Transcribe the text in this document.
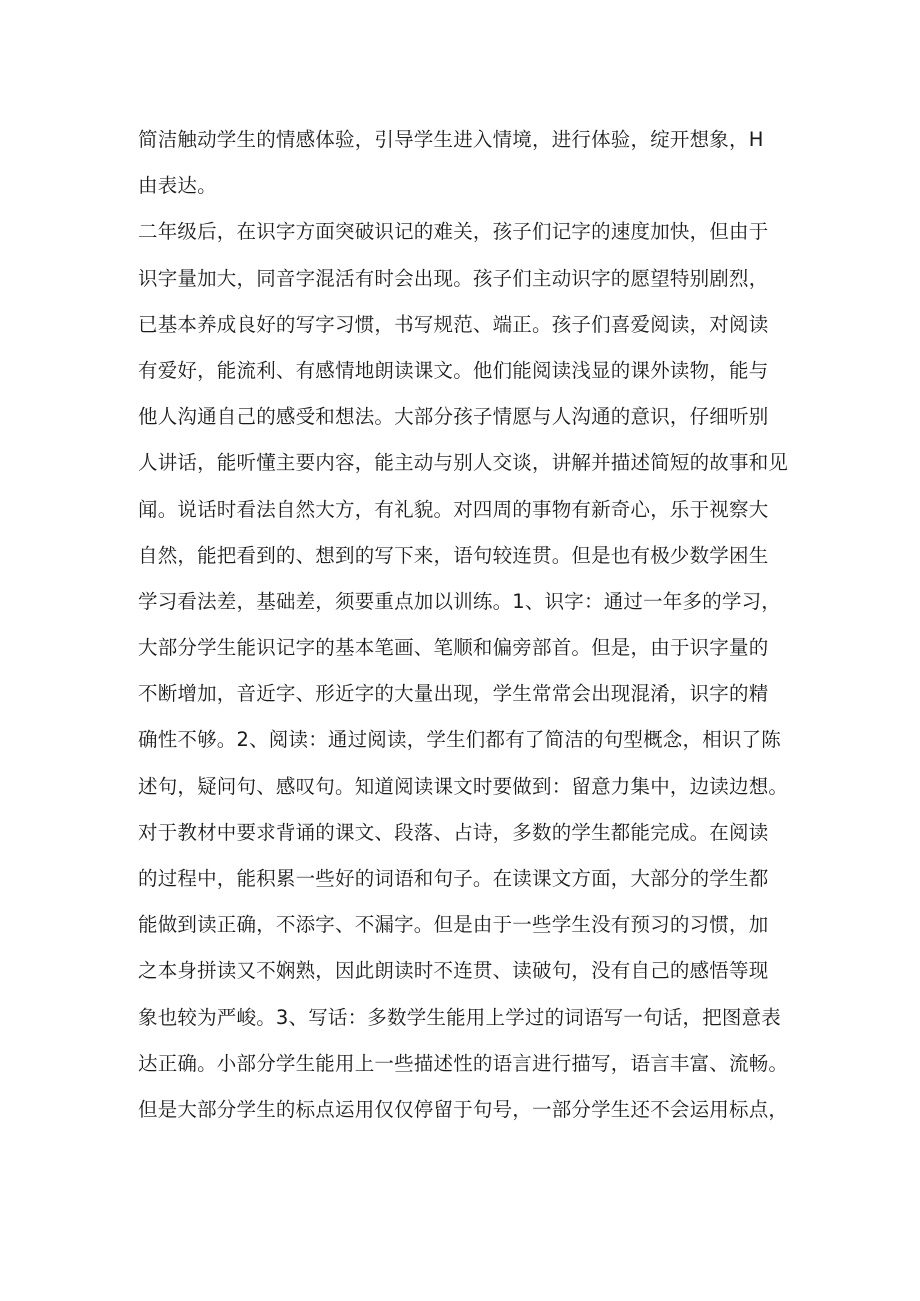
简洁触动学生的情感体验，引导学生进入情境，进行体验，绽开想象，H
由表达。
二年级后，在识字方面突破识记的难关，孩子们记字的速度加快，但由于
识字量加大，同音字混活有时会出现。孩子们主动识字的愿望特别剧烈，
已基本养成良好的写字习惯，书写规范、端正。孩子们喜爱阅读，对阅读
有爱好，能流利、有感情地朗读课文。他们能阅读浅显的课外读物，能与
他人沟通自己的感受和想法。大部分孩子情愿与人沟通的意识，仔细听别
人讲话，能听懂主要内容，能主动与别人交谈，讲解并描述简短的故事和见
闻。说话时看法自然大方，有礼貌。对四周的事物有新奇心，乐于视察大
自然，能把看到的、想到的写下来，语句较连贯。但是也有极少数学困生
学习看法差，基础差，须要重点加以训练。1、识字：通过一年多的学习，
大部分学生能识记字的基本笔画、笔顺和偏旁部首。但是，由于识字量的
不断增加，音近字、形近字的大量出现，学生常常会出现混淆，识字的精
确性不够。2、阅读：通过阅读，学生们都有了简洁的句型概念，相识了陈
述句，疑问句、感叹句。知道阅读课文时要做到：留意力集中，边读边想。
对于教材中要求背诵的课文、段落、占诗，多数的学生都能完成。在阅读
的过程中，能积累一些好的词语和句子。在读课文方面，大部分的学生都
能做到读正确，不添字、不漏字。但是由于一些学生没有预习的习惯，加
之本身拼读又不娴熟，因此朗读时不连贯、读破句，没有自己的感悟等现
象也较为严峻。3、写话：多数学生能用上学过的词语写一句话，把图意表
达正确。小部分学生能用上一些描述性的语言进行描写，语言丰富、流畅。
但是大部分学生的标点运用仅仅停留于句号，一部分学生还不会运用标点，
